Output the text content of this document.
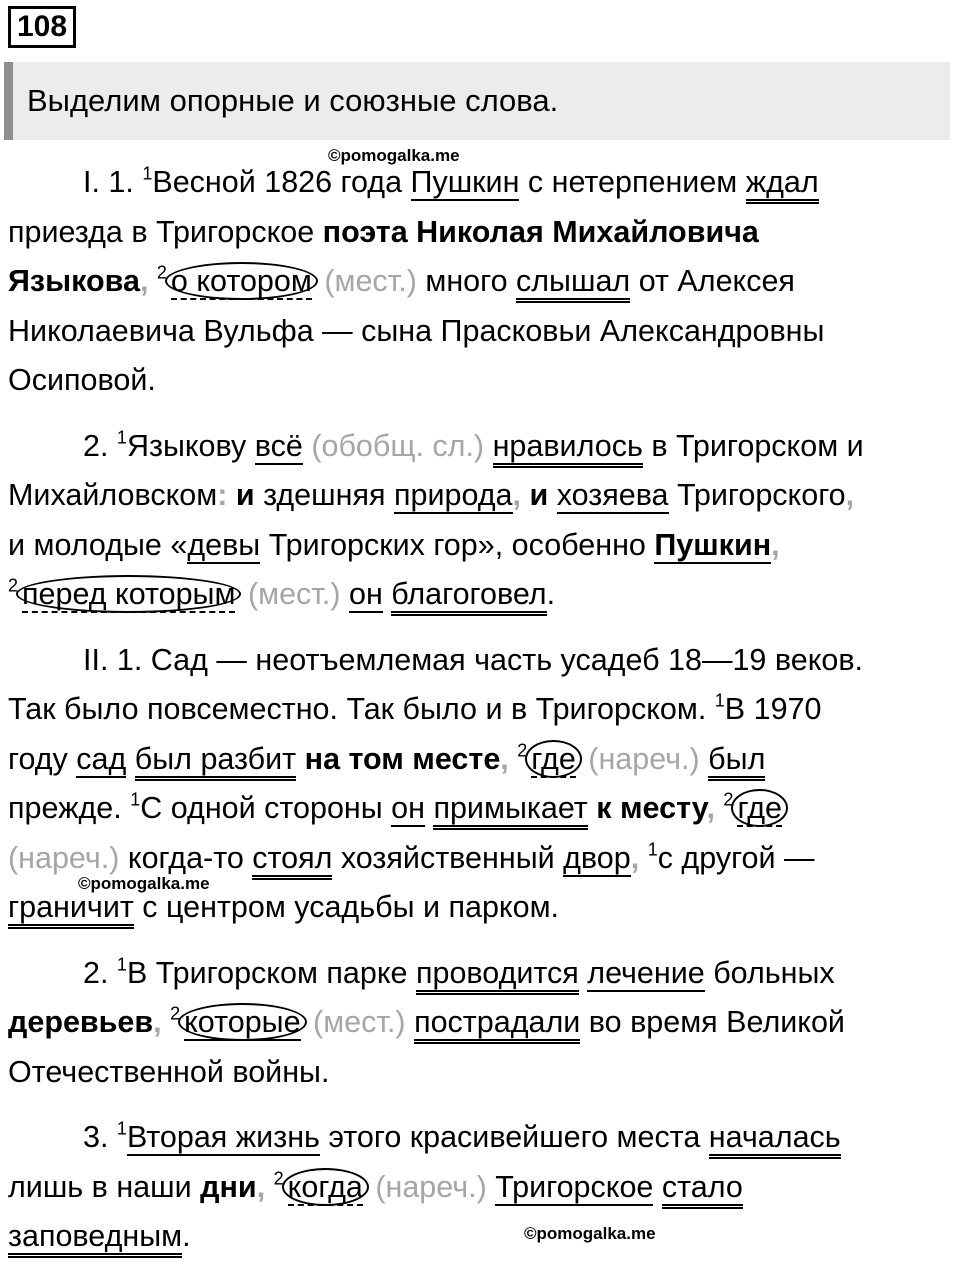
108
Выделим опорные и союзные слова.
©pomogalka.me
©pomogalka.me
©pomogalka.me
I. 1. $^1$Весной 1826 года Пушкин с нетерпением ждал
приезда в Тригорское поэта Николая Михайловича
Языкова, $^2$ о котором (мест.) много слышал от Алексея
Николаевича Вульфа — сына Прасковьи Александровны
Осиповой.
2. $^1$Языкову всё (обобщ. сл.) нравилось в Тригорском и
Михайловском: и здешняя природа, и хозяева Тригорского,
и молодые «девы Тригорских гор», особенно Пушкин,
$^2$ перед которым (мест.) он благоговел.
II. 1. Сад — неотъемлемая часть усадеб 18—19 веков.
Так было повсеместно. Так было и в Тригорском. $^1$В 1970
году сад был разбит на том месте, $^2$ где (нареч.) был
прежде. $^1$С одной стороны он примыкает к месту, $^2$ где
(нареч.) когда-то стоял хозяйственный двор, $^1$с другой —
граничит с центром усадьбы и парком.
2. $^1$В Тригорском парке проводится лечение больных
деревьев, $^2$ которые (мест.) пострадали во время Великой
Отечественной войны.
3. $^1$Вторая жизнь этого красивейшего места началась
лишь в наши дни, $^2$ когда (нареч.) Тригорское стало
заповедным.
